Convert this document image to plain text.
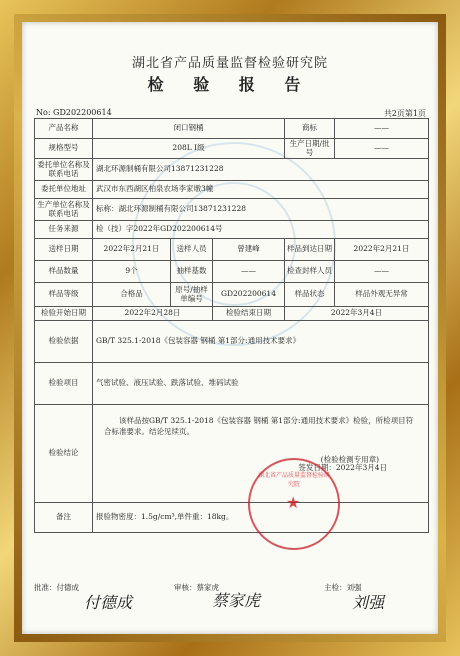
湖北省产品质量监督检验研究院
检 验 报 告
No: GD202200614	共2页第1页
产品名称	闭口钢桶			商标	——
规格型号	208L I级			生产日期/批号	——
委托单位名称及联系电话	湖北环源制桶有限公司13871231228				
委托单位地址	武汉市东西湖区柏泉农场李家墩3幢				
生产单位名称及联系电话	标称：湖北环源制桶有限公司13871231228				
任务来源	检（技）字2022年GD202200614号				
送样日期	2022年2月21日	送样人员	曾建峰	样品到达日期	2022年2月21日
样品数量	9个	抽样基数	——	检查封样人员	——
样品等级	合格品	原号/抽样单编号	GD202200614	样品状态	样品外观无异常
检验开始日期	2022年2月28日		检验结束日期	2022年3月4日	
检验依据	GB/T 325.1-2018《包装容器 钢桶 第1部分:通用技术要求》				
检验项目	气密试验、液压试验、跌落试验、堆码试验				
检验结论	该样品按GB/T 325.1-2018《包装容器 钢桶 第1部分:通用技术要求》检验，所检项目符合标准要求。结论见续页。
(检验检测专用章)
签发日期：2022年3月4日				

备注	报验物密度：1.5g/cm³,单件重：18kg。				
湖北省产品质量监督检验研究院
★
批准：付德成	审核：蔡家虎	主检：刘强
付德成	蔡家虎	刘强
